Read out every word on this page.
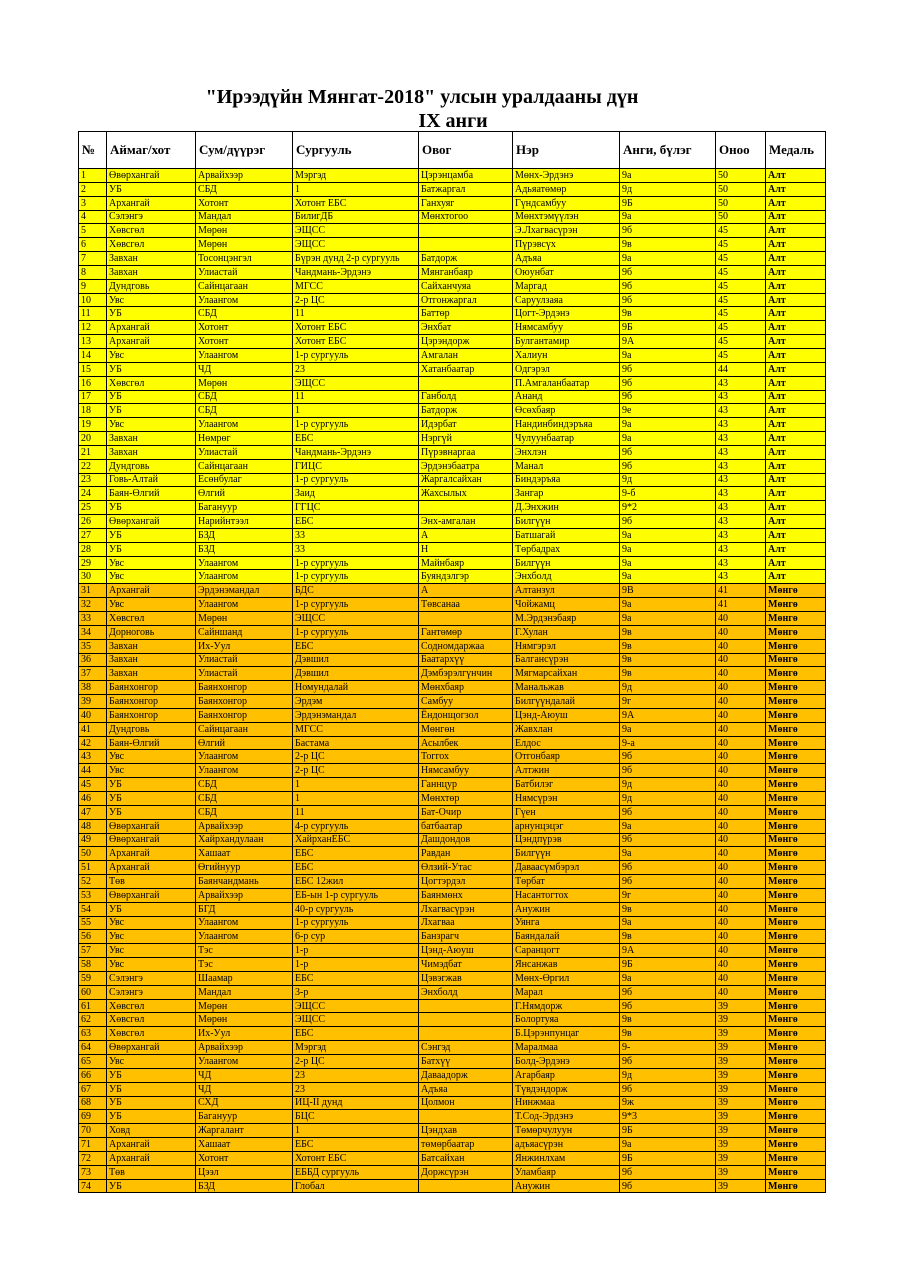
"Ирээдүйн Мянгат-2018" улсын уралдааны дүн
IX анги
№	Аймаг/хот	Сум/дүүрэг	Сургууль	Овог	Нэр	Анги, бүлэг	Оноо	Медаль
1	Өвөрхангай	Арвайхээр	Мэргэд	Цэрэнцамба	Мөнх-Эрдэнэ	9а	50	Алт
2	УБ	СБД	1	Батжаргал	Адьяатөмөр	9д	50	Алт
3	Архангай	Хотонт	Хотонт ЕБС	Ганхуяг	Гүндсамбуу	9Б	50	Алт
4	Сэлэнгэ	Мандал	БилигДБ	Мөнхтогоо	Мөнхтэмүүлэн	9а	50	Алт
5	Хөвсгөл	Мөрөн	ЭЩСС		Э.Лхагвасүрэн	9б	45	Алт
6	Хөвсгөл	Мөрөн	ЭЩСС		Пүрэвсүх	9в	45	Алт
7	Завхан	Тосонцэнгэл	Бүрэн дунд 2-р сургууль	Батдорж	Адъяа	9а	45	Алт
8	Завхан	Улиастай	Чандмань-Эрдэнэ	Мянганбаяр	Оюунбат	9б	45	Алт
9	Дундговь	Сайнцагаан	МГСС	Сайханчуяа	Маргад	9б	45	Алт
10	Увс	Улаангом	2-р ЦС	Отгонжаргал	Саруулзаяа	9б	45	Алт
11	УБ	СБД	11	Баттөр	Цогт-Эрдэнэ	9в	45	Алт
12	Архангай	Хотонт	Хотонт ЕБС	Энхбат	Нямсамбуу	9Б	45	Алт
13	Архангай	Хотонт	Хотонт ЕБС	Цэрэндорж	Булгантамир	9А	45	Алт
14	Увс	Улаангом	1-р сургууль	Амгалан	Халиун	9а	45	Алт
15	УБ	ЧД	23	Хатанбаатар	Одгэрэл	9б	44	Алт
16	Хөвсгөл	Мөрөн	ЭЩСС		П.Амгаланбаатар	9б	43	Алт
17	УБ	СБД	11	Ганболд	Ананд	9б	43	Алт
18	УБ	СБД	1	Батдорж	Өсөхбаяр	9е	43	Алт
19	Увс	Улаангом	1-р сургууль	Идэрбат	Нандинбиндэръяа	9а	43	Алт
20	Завхан	Нөмрөг	ЕБС	Нэргүй	Чулуунбаатар	9а	43	Алт
21	Завхан	Улиастай	Чандмань-Эрдэнэ	Пүрэвнаргаа	Энхлэн	9б	43	Алт
22	Дундговь	Сайнцагаан	ГИЦС	Эрдэнэбаатра	Манал	9б	43	Алт
23	Говь-Алтай	Есөнбулаг	1-р сургууль	Жаргалсайхан	Биндэръяа	9д	43	Алт
24	Баян-Өлгий	Өлгий	Заид	Жахсылых	Зангар	9-б	43	Алт
25	УБ	Багануур	ГГЦС		Д.Энхжин	9*2	43	Алт
26	Өвөрхангай	Нарийнтээл	ЕБС	Энх-амгалан	Билгүүн	9б	43	Алт
27	УБ	БЗД	33	А	Батшагай	9а	43	Алт
28	УБ	БЗД	33	Н	Төрбадрах	9а	43	Алт
29	Увс	Улаангом	1-р сургууль	Майнбаяр	Билгүүн	9а	43	Алт
30	Увс	Улаангом	1-р сургууль	Буяндэлгэр	Энхболд	9а	43	Алт
31	Архангай	Эрдэнэмандал	БДС	А	Алтанзул	9В	41	Мөнгө
32	Увс	Улаангом	1-р сургууль	Төвсанаа	Чойжамц	9а	41	Мөнгө
33	Хөвсгөл	Мөрөн	ЭЩСС		М.Эрдэнэбаяр	9а	40	Мөнгө
34	Дорноговь	Сайншанд	1-р сургууль	Гантөмөр	Г.Хулан	9в	40	Мөнгө
35	Завхан	Их-Уул	ЕБС	Содномдаржаа	Нямгэрэл	9в	40	Мөнгө
36	Завхан	Улиастай	Дэвшил	Баатархүү	Балгансүрэн	9в	40	Мөнгө
37	Завхан	Улиастай	Дэвшил	Дэмбэрэлгүнчин	Мягмарсайхан	9в	40	Мөнгө
38	Баянхонгор	Баянхонгор	Номундалай	Мөнхбаяр	Манальжав	9д	40	Мөнгө
39	Баянхонгор	Баянхонгор	Эрдэм	Самбуу	Билгүүндалай	9г	40	Мөнгө
40	Баянхонгор	Баянхонгор	Эрдэнэмандал	Ёндонщогзол	Цэнд-Аюуш	9А	40	Мөнгө
41	Дундговь	Сайнцагаан	МГСС	Мөнгөн	Жавхлан	9а	40	Мөнгө
42	Баян-Өлгий	Өлгий	Бастама	Асылбек	Елдос	9-а	40	Мөнгө
43	Увс	Улаангом	2-р ЦС	Тоггох	Отгонбаяр	9б	40	Мөнгө
44	Увс	Улаангом	2-р ЦС	Нямсамбуу	Алтжин	9б	40	Мөнгө
45	УБ	СБД	1	Ганнцур	Батбилэг	9д	40	Мөнгө
46	УБ	СБД	1	Мөнхтөр	Нямсүрэн	9д	40	Мөнгө
47	УБ	СБД	11	Бат-Очир	Гүен	9б	40	Мөнгө
48	Өвөрхангай	Арвайхээр	4-р сургууль	батбаатар	арнунцэцэг	9а	40	Мөнгө
49	Өвөрхангай	Хайрхандулаан	ХайрханЕБС	Дашдондов	Цэндпүрэв	9б	40	Мөнгө
50	Архангай	Хашаат	ЕБС	Равдан	Билгүүн	9а	40	Мөнгө
51	Архангай	Өгийнуур	ЕБС	Өлзий-Утас	Даваасүмбэрэл	9б	40	Мөнгө
52	Төв	Баянчандмань	ЕБС 12жил	Цогтэрдэл	Төрбат	9б	40	Мөнгө
53	Өвөрхангай	Арвайхээр	ЕБ-ын 1-р сургууль	Баянмөнх	Насантогтох	9г	40	Мөнгө
54	УБ	БГД	40-р сургууль	Лхагвасүрэн	Анужин	9в	40	Мөнгө
55	Увс	Улаангом	1-р сургууль	Лхагваа	Уянга	9а	40	Мөнгө
56	Увс	Улаангом	6-р сур	Банзрагч	Баяндалай	9в	40	Мөнгө
57	Увс	Тэс	1-р	Цэнд-Аюуш	Саранцогт	9А	40	Мөнгө
58	Увс	Тэс	1-р	Чимэдбат	Янсанжав	9Б	40	Мөнгө
59	Сэлэнгэ	Шаамар	ЕБС	Цэвэгжав	Мөнх-Өргил	9а	40	Мөнгө
60	Сэлэнгэ	Мандал	3-р	Энхболд	Марал	9б	40	Мөнгө
61	Хөвсгөл	Мөрөн	ЭЩСС		Г.Нямдорж	9б	39	Мөнгө
62	Хөвсгөл	Мөрөн	ЭЩСС		Болортуяа	9в	39	Мөнгө
63	Хөвсгөл	Их-Уул	ЕБС		Б.Цэрэнпунцаг	9в	39	Мөнгө
64	Өвөрхангай	Арвайхээр	Мэргэд	Сэнгэд	Маралмаа	9-	39	Мөнгө
65	Увс	Улаангом	2-р ЦС	Батхүү	Болд-Эрдэнэ	9б	39	Мөнгө
66	УБ	ЧД	23	Даваадорж	Агарбаяр	9д	39	Мөнгө
67	УБ	ЧД	23	Адъяа	Түвдэндорж	9б	39	Мөнгө
68	УБ	СХД	ИЦ-II дунд	Цолмон	Нинжмаа	9ж	39	Мөнгө
69	УБ	Багануур	БЦС		Т.Сод-Эрдэнэ	9*3	39	Мөнгө
70	Ховд	Жаргалант	1	Цэндхав	Төмөрчулуун	9Б	39	Мөнгө
71	Архангай	Хашаат	ЕБС	төмөрбаатар	адъяасүрэн	9а	39	Мөнгө
72	Архангай	Хотонт	Хотонт ЕБС	Батсайхан	Янжинлхам	9Б	39	Мөнгө
73	Төв	Цээл	ЕББД сургууль	Доржсүрэн	Уламбаяр	9б	39	Мөнгө
74	УБ	БЗД	Глобал		Анужин	9б	39	Мөнгө
